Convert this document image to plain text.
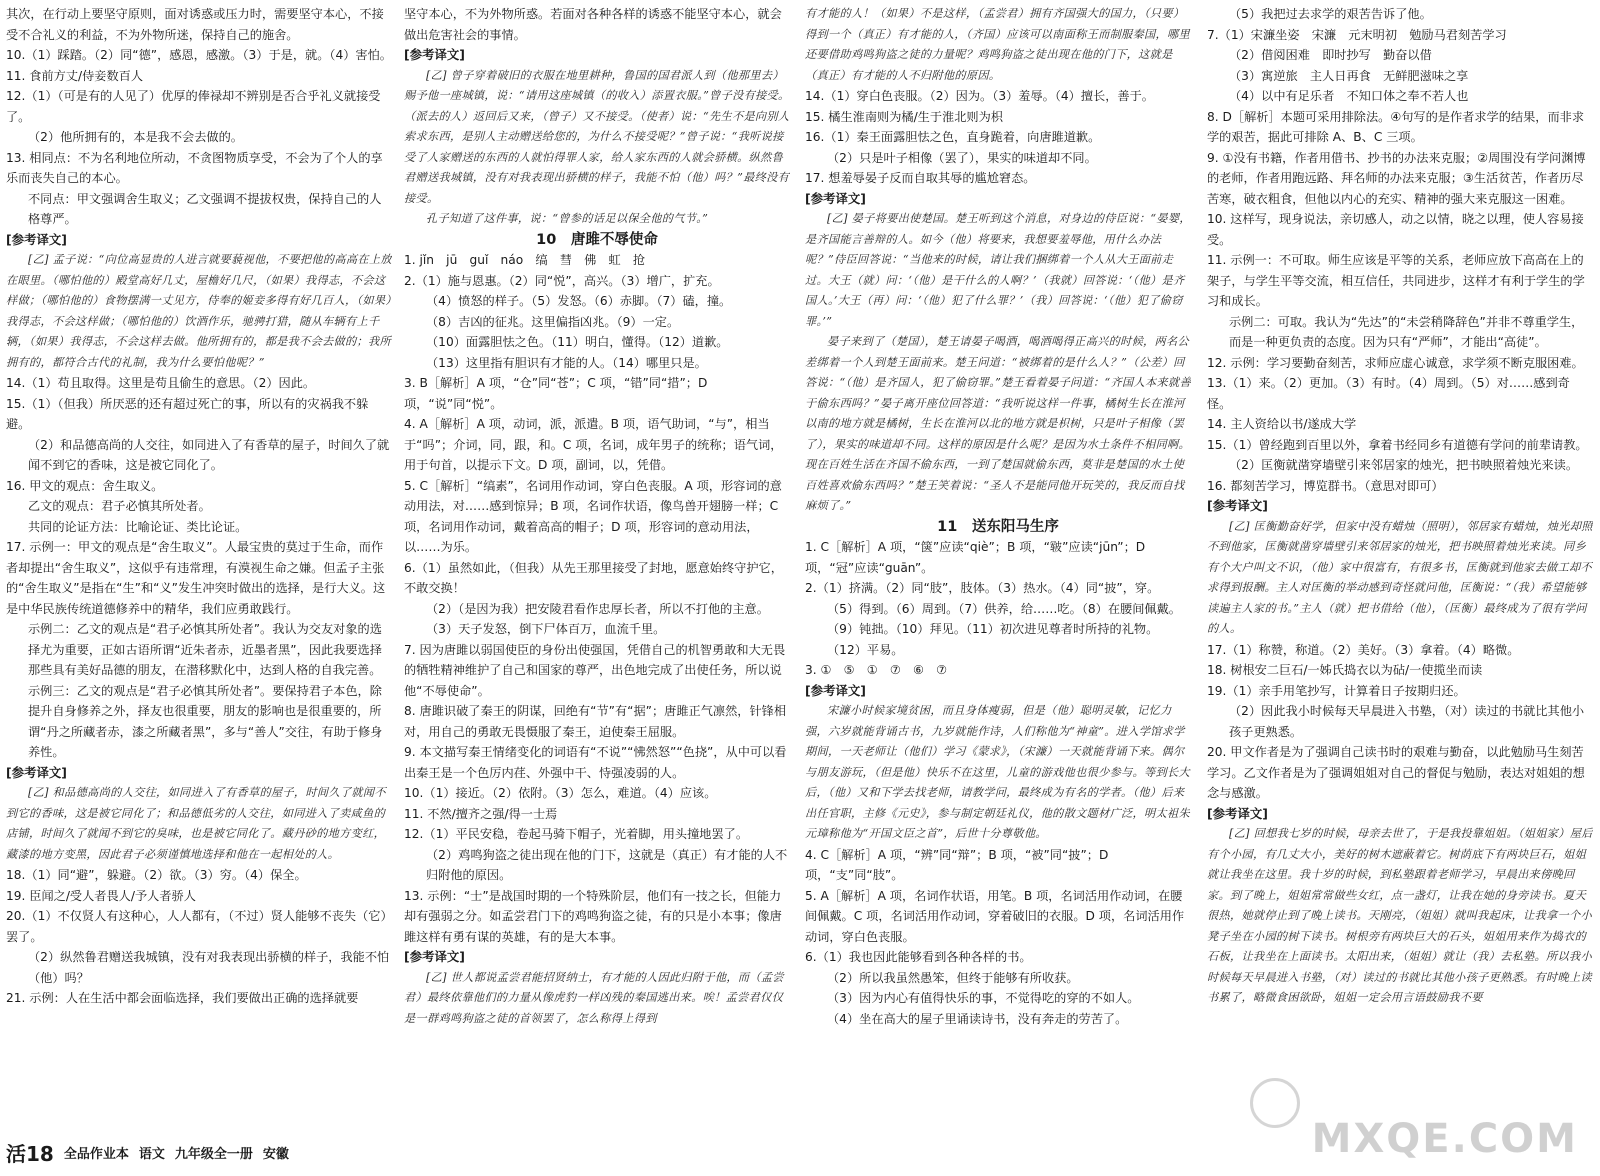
其次，在行动上要坚守原则，面对诱惑或压力时，需要坚守本心，不接受不合礼义的利益，不为外物所迷，保持自己的施舍。
10.（1）踩踏。（2）同“德”，感恩，感激。（3）于是，就。（4）害怕。
11. 食前方丈/侍妾数百人
12.（1）（可是有的人见了）优厚的俸禄却不辨别是否合乎礼义就接受了。
（2）他所拥有的，本是我不会去做的。
13. 相同点：不为名利地位所动，不贪图物质享受，不会为了个人的享乐而丧失自己的本心。
不同点：甲文强调舍生取义；乙文强调不提拔权贵，保持自己的人格尊严。
[参考译文]
[乙] 孟子说：“向位高显贵的人进言就要藐视他，不要把他的高高在上放在眼里。（哪怕他的）殿堂高好几丈，屋檐好几尺，（如果）我得志，不会这样做；（哪怕他的）食物摆满一丈见方，侍奉的姬妾多得有好几百人，（如果）我得志，不会这样做；（哪怕他的）饮酒作乐，驰骋打猎，随从车辆有上千辆，（如果）我得志，不会这样去做。他所拥有的，都是我不会去做的；我所拥有的，都符合古代的礼制，我为什么要怕他呢？”
14.（1）苟且取得。这里是苟且偷生的意思。（2）因此。
15.（1）（但我）所厌恶的还有超过死亡的事，所以有的灾祸我不躲避。
（2）和品德高尚的人交往，如同进入了有香草的屋子，时间久了就闻不到它的香味，这是被它同化了。
16. 甲文的观点：舍生取义。
乙文的观点：君子必慎其所处者。
共同的论证方法：比喻论证、类比论证。
17. 示例一：甲文的观点是“舍生取义”。人最宝贵的莫过于生命，而作者却提出“舍生取义”，这似乎有违常理，有漠视生命之嫌。但孟子主张的“舍生取义”是指在“生”和“义”发生冲突时做出的选择，是行大义。这是中华民族传统道德修养中的精华，我们应勇敢践行。
示例二：乙文的观点是“君子必慎其所处者”。我认为交友对象的选择尤为重要，正如古语所谓“近朱者赤，近墨者黑”，因此我要选择那些具有美好品德的朋友，在潜移默化中，达到人格的自我完善。
示例三：乙文的观点是“君子必慎其所处者”。要保持君子本色，除提升自身修养之外，择友也很重要，朋友的影响也是很重要的，所谓“丹之所藏者赤，漆之所藏者黑”，多与“善人”交往，有助于修身养性。
[参考译文]
[乙] 和品德高尚的人交往，如同进入了有香草的屋子，时间久了就闻不到它的香味，这是被它同化了；和品德低劣的人交往，如同进入了卖咸鱼的店铺，时间久了就闻不到它的臭味，也是被它同化了。藏丹砂的地方变红，藏漆的地方变黑，因此君子必须谨慎地选择和他在一起相处的人。
18.（1）同“避”，躲避。（2）欲。（3）穷。（4）保全。
19. 臣闻之/受人者畏人/予人者骄人
20.（1）不仅贤人有这种心，人人都有，（不过）贤人能够不丧失（它）罢了。
（2）纵然鲁君赠送我城镇，没有对我表现出骄横的样子，我能不怕（他）吗？
21. 示例：人在生活中都会面临选择，我们要做出正确的选择就要
坚守本心，不为外物所惑。若面对各种各样的诱惑不能坚守本心，就会做出危害社会的事情。
[参考译文]
[乙] 曾子穿着破旧的衣服在地里耕种，鲁国的国君派人到（他那里去）赐予他一座城镇，说：“请用这座城镇（的收入）添置衣服。”曾子没有接受。（派去的人）返回后又来，（曾子）又不接受。（使者）说：“先生不是向别人索求东西，是别人主动赠送给您的，为什么不接受呢？”曾子说：“我听说接受了人家赠送的东西的人就怕得罪人家，给人家东西的人就会骄横。纵然鲁君赠送我城镇，没有对我表现出骄横的样子，我能不怕（他）吗？”最终没有接受。
孔子知道了这件事，说：“曾参的话足以保全他的气节。”
10　唐雎不辱使命
1. jǐn　jū　guǐ　náo　缟　彗　佛　虹　抢
2.（1）施与恩惠。（2）同“悦”，高兴。（3）增广，扩充。
（4）愤怒的样子。（5）发怒。（6）赤脚。（7）磕，撞。
（8）吉凶的征兆。这里偏指凶兆。（9）一定。
（10）面露胆怯之色。（11）明白，懂得。（12）道歉。
（13）这里指有胆识有才能的人。（14）哪里只是。
3. B［解析］A 项，“仓”同“苍”；C 项，“错”同“措”；D 项，“说”同“悦”。
4. A［解析］A 项，动词，派，派遣。B 项，语气助词，“与”，相当于“吗”；介词，同，跟，和。C 项，名词，成年男子的统称；语气词，用于句首，以提示下文。D 项，副词，以，凭借。
5. C［解析］“缟素”，名词用作动词，穿白色丧服。A 项，形容词的意动用法，对……感到惊异；B 项，名词作状语，像鸟兽开翅膀一样；C 项，名词用作动词，戴着高高的帽子；D 项，形容词的意动用法，以……为乐。
6.（1）虽然如此，（但我）从先王那里接受了封地，愿意始终守护它，不敢交换！
（2）（是因为我）把安陵君看作忠厚长者，所以不打他的主意。
（3）天子发怒，倒下尸体百万，血流千里。
7. 因为唐雎以弱国使臣的身份出使强国，凭借自己的机智勇敢和大无畏的牺牲精神维护了自己和国家的尊严，出色地完成了出使任务，所以说他“不辱使命”。
8. 唐雎识破了秦王的阴谋，回绝有“节”有“据”；唐雎正气凛然，针锋相对，用自己的勇敢无畏慑服了秦王，迫使秦王屈服。
9. 本文描写秦王情绪变化的词语有“不说”“怫然怒”“色挠”，从中可以看出秦王是一个色厉内荏、外强中干、恃强凌弱的人。
10.（1）接近。（2）依附。（3）怎么，难道。（4）应该。
11. 不然/擅齐之强/得一士焉
12.（1）平民安稳，卷起马骑下帽子，光着脚，用头撞地罢了。
（2）鸡鸣狗盗之徒出现在他的门下，这就是（真正）有才能的人不归附他的原因。
13. 示例：“士”是战国时期的一个特殊阶层，他们有一技之长，但能力却有强弱之分。如孟尝君门下的鸡鸣狗盗之徒，有的只是小本事；像唐雎这样有勇有谋的英雄，有的是大本事。
[参考译文]
[乙] 世人都说孟尝君能招贤纳士，有才能的人因此归附于他，而（孟尝君）最终依靠他们的力量从像虎豹一样凶残的秦国逃出来。唉！孟尝君仅仅是一群鸡鸣狗盗之徒的首领罢了，怎么称得上得到
有才能的人！（如果）不是这样，（孟尝君）拥有齐国强大的国力，（只要）得到一个（真正）有才能的人，（齐国）应该可以南面称王而制服秦国，哪里还要借助鸡鸣狗盗之徒的力量呢？鸡鸣狗盗之徒出现在他的门下，这就是（真正）有才能的人不归附他的原因。
14.（1）穿白色丧服。（2）因为。（3）羞辱。（4）擅长，善于。
15. 橘生淮南则为橘/生于淮北则为枳
16.（1）秦王面露胆怯之色，直身跪着，向唐雎道歉。
（2）只是叶子相像（罢了），果实的味道却不同。
17. 想羞辱晏子反而自取其辱的尴尬窘态。
[参考译文]
[乙] 晏子将要出使楚国。楚王听到这个消息，对身边的侍臣说：“晏婴，是齐国能言善辩的人。如今（他）将要来，我想要羞辱他，用什么办法呢？”侍臣回答说：“当他来的时候，请让我们捆绑着一个人从大王面前走过。大王（就）问：‘（他）是干什么的人啊？’（我就）回答说：‘（他）是齐国人。’大王（再）问：‘（他）犯了什么罪？’（我）回答说：‘（他）犯了偷窃罪。’”
晏子来到了（楚国），楚王请晏子喝酒，喝酒喝得正高兴的时候，两名公差绑着一个人到楚王面前来。楚王问道：“被绑着的是什么人？”（公差）回答说：“（他）是齐国人，犯了偷窃罪。”楚王看着晏子问道：“齐国人本来就善于偷东西吗？”晏子离开座位回答道：“我听说这样一件事，橘树生长在淮河以南的地方就是橘树，生长在淮河以北的地方就是枳树，只是叶子相像（罢了），果实的味道却不同。这样的原因是什么呢？是因为水土条件不相同啊。现在百姓生活在齐国不偷东西，一到了楚国就偷东西，莫非是楚国的水土使百姓喜欢偷东西吗？”楚王笑着说：“圣人不是能同他开玩笑的，我反而自找麻烦了。”
11　送东阳马生序
1. C［解析］A 项，“箧”应读“qiè”；B 项，“皲”应读“jūn”；D 项，“冠”应读“guān”。
2.（1）挤满。（2）同“肢”，肢体。（3）热水。（4）同“披”，穿。
（5）得到。（6）周到。（7）供养，给……吃。（8）在腰间佩戴。
（9）钝拙。（10）拜见。（11）初次进见尊者时所持的礼物。
（12）平易。
3. ①　⑤　①　⑦　⑥　⑦
[参考译文]
宋濂小时候家境贫困，而且身体瘦弱，但是（他）聪明灵敏，记忆力强，六岁就能背诵古书，九岁就能作诗，人们称他为“神童”。进入学馆求学期间，一天老师让（他们）学习《蒙求》，（宋濂）一天就能背诵下来。偶尔与朋友游玩，（但是他）快乐不在这里，儿童的游戏他也很少参与。等到长大后，（他）又和下学去找老师，请教学问，最终成为有名的学者。（他）后来出任官职，主修《元史》，参与制定朝廷礼仪，他的散文题材广泛，明太祖朱元璋称他为“开国文臣之首”，后世十分尊敬他。
4. C［解析］A 项，“辨”同“辩”；B 项，“被”同“披”；D 项，“支”同“肢”。
5. A［解析］A 项，名词作状语，用笔。B 项，名词活用作动词，在腰间佩戴。C 项，名词活用作动词，穿着破旧的衣服。D 项，名词活用作动词，穿白色丧服。
6.（1）我也因此能够看到各种各样的书。
（2）所以我虽然愚笨，但终于能够有所收获。
（3）因为内心有值得快乐的事，不觉得吃的穿的不如人。
（4）坐在高大的屋子里诵读诗书，没有奔走的劳苦了。
（5）我把过去求学的艰苦告诉了他。
7.（1）宋濂坐姿　宋濂　元末明初　勉励马君刻苦学习
（2）借阅困难　即时抄写　勤奋以借
（3）寓逆旅　主人日再食　无鲜肥滋味之享
（4）以中有足乐者　不知口体之奉不若人也
8. D［解析］本题可采用排除法。④句写的是作者求学的结果，而非求学的艰苦，据此可排除 A、B、C 三项。
9. ①没有书籍，作者用借书、抄书的办法来克服；②周围没有学问渊博的老师，作者用跑远路、拜名师的办法来克服；③生活贫苦，作者历尽苦寒，破衣粗食，但他以内心的充实、精神的强大来克服这一困难。
10. 这样写，现身说法，亲切感人，动之以情，晓之以理，使人容易接受。
11. 示例一：不可取。师生应该是平等的关系，老师应放下高高在上的架子，与学生平等交流，相互信任，共同进步，这样才有利于学生的学习和成长。
示例二：可取。我认为“先达”的“未尝稍降辞色”并非不尊重学生，而是一种更负责的态度。因为只有“严师”，才能出“高徒”。
12. 示例：学习要勤奋刻苦，求师应虚心诚意，求学须不断克服困难。
13.（1）来。（2）更加。（3）有时。（4）周到。（5）对……感到奇怪。
14. 主人资给以书/遂成大学
15.（1）曾经跑到百里以外，拿着书经同乡有道德有学问的前辈请教。
（2）匡衡就凿穿墙壁引来邻居家的烛光，把书映照着烛光来读。
16. 都刻苦学习，博览群书。（意思对即可）
[参考译文]
[乙] 匡衡勤奋好学，但家中没有蜡烛（照明），邻居家有蜡烛，烛光却照不到他家，匡衡就凿穿墙壁引来邻居家的烛光，把书映照着烛光来读。同乡有个大户叫文不识，（他）家中很富有，有很多书，匡衡就到他家去做工却不求得到报酬。主人对匡衡的举动感到奇怪就问他，匡衡说：“（我）希望能够读遍主人家的书。”主人（就）把书借给（他），（匡衡）最终成为了很有学问的人。
17.（1）称赞，称道。（2）美好。（3）拿着。（4）略微。
18. 树根安二巨石/一姊氏捣衣以为砧/一使揽坐而读
19.（1）亲手用笔抄写，计算着日子按期归还。
（2）因此我小时候每天早晨进入书塾，（对）读过的书就比其他小孩子更熟悉。
20. 甲文作者是为了强调自己读书时的艰难与勤奋，以此勉励马生刻苦学习。乙文作者是为了强调姐姐对自己的督促与勉励，表达对姐姐的想念与感激。
[参考译文]
[乙] 回想我七岁的时候，母亲去世了，于是我投靠姐姐。（姐姐家）屋后有个小园，有几丈大小，美好的树木遮蔽着它。树荫底下有两块巨石，姐姐就让我坐在这里。我十岁的时候，到私塾跟着老师学习，早晨出来傍晚回家。到了晚上，姐姐常常做些女红，点一盏灯，让我在她的身旁读书。夏天很热，她就停止到了晚上读书。天刚亮，（姐姐）就叫我起床，让我拿一个小凳子坐在小园的树下读书。树根旁有两块巨大的石头，姐姐用来作为捣衣的石板，让我坐在上面读书。太阳出来，（姐姐）就让（我）去私塾。所以我小时候每天早晨进入书塾，（对）读过的书就比其他小孩子更熟悉。有时晚上读书累了，略微食困欲卧，姐姐一定会用言语鼓励我不要
活18 全品作业本 语文 九年级全一册 安徽	MXQE.COM
